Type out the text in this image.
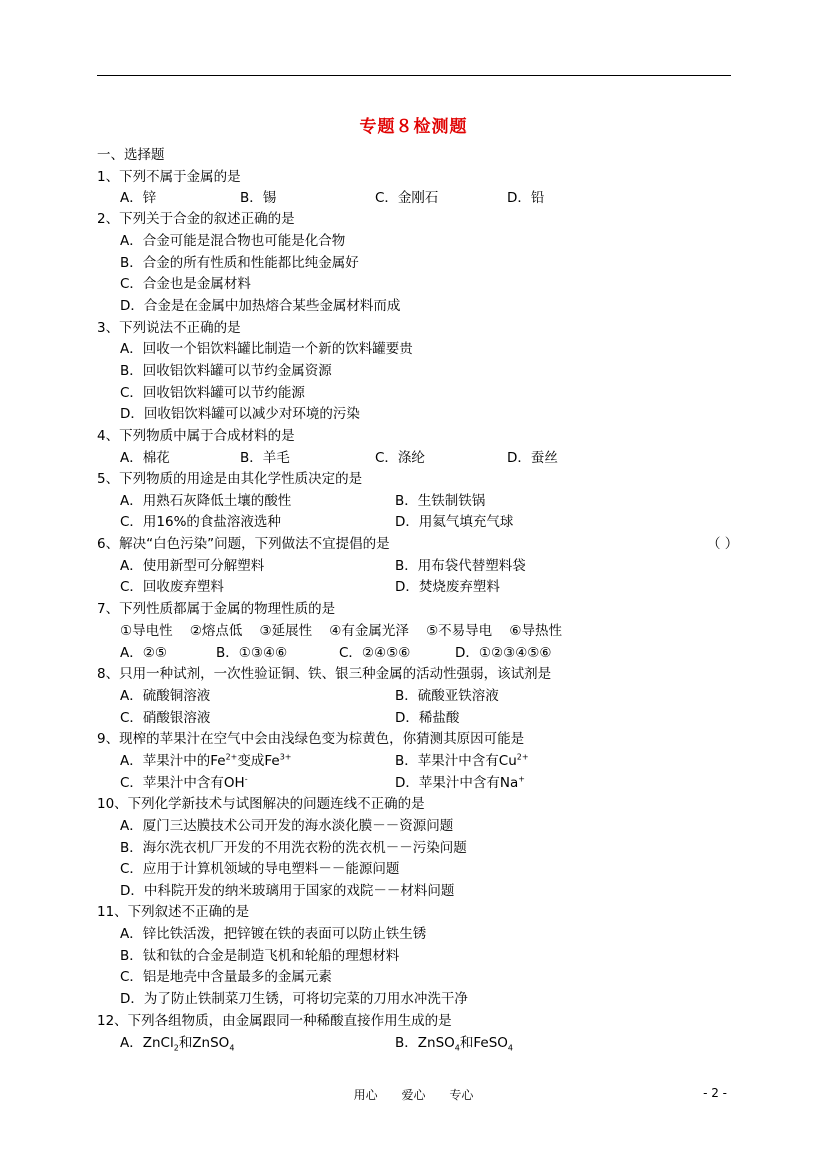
专题８检测题
一、选择题
1、下列不属于金属的是
A．锌	B．锡	C．金刚石	D．铅
2、下列关于合金的叙述正确的是
A．合金可能是混合物也可能是化合物
B．合金的所有性质和性能都比纯金属好
C．合金也是金属材料
D．合金是在金属中加热熔合某些金属材料而成
3、下列说法不正确的是
A．回收一个铝饮料罐比制造一个新的饮料罐要贵
B．回收铝饮料罐可以节约金属资源
C．回收铝饮料罐可以节约能源
D．回收铝饮料罐可以减少对环境的污染
4、下列物质中属于合成材料的是
A．棉花	B．羊毛	C．涤纶	D．蚕丝
5、下列物质的用途是由其化学性质决定的是
A．用熟石灰降低土壤的酸性	B．生铁制铁锅
C．用16%的食盐溶液选种	D．用氦气填充气球
6、解决“白色污染”问题，下列做法不宜提倡的是	（ ）
A．使用新型可分解塑料	B．用布袋代替塑料袋
C．回收废弃塑料	D．焚烧废弃塑料
7、下列性质都属于金属的物理性质的是
①导电性    ②熔点低    ③延展性    ④有金属光泽    ⑤不易导电    ⑥导热性
A．②⑤	B．①③④⑥	C．②④⑤⑥	D．①②③④⑤⑥
8、只用一种试剂，一次性验证铜、铁、银三种金属的活动性强弱，该试剂是
A．硫酸铜溶液	B．硫酸亚铁溶液
C．硝酸银溶液	D．稀盐酸
9、现榨的苹果汁在空气中会由浅绿色变为棕黄色，你猜测其原因可能是
A．苹果汁中的$Fe^{2+}$变成$Fe^{3+}$	B．苹果汁中含有$Cu^{2+}$
C．苹果汁中含有OH-	D．苹果汁中含有Na+
10、下列化学新技术与试图解决的问题连线不正确的是
A．厦门三达膜技术公司开发的海水淡化膜－－资源问题
B．海尔洗衣机厂开发的不用洗衣粉的洗衣机－－污染问题
C．应用于计算机领域的导电塑料－－能源问题
D．中科院开发的纳米玻璃用于国家的戏院－－材料问题
11、下列叙述不正确的是
A．锌比铁活泼，把锌镀在铁的表面可以防止铁生锈
B．钛和钛的合金是制造飞机和轮船的理想材料
C．铝是地壳中含量最多的金属元素
D．为了防止铁制菜刀生锈，可将切完菜的刀用水冲洗干净
12、下列各组物质，由金属跟同一种稀酸直接作用生成的是
A．ZnCl$_2$和ZnSO$_4$	B．ZnSO$_4$和FeSO$_4$
用心 爱心 专心	- 2 -
